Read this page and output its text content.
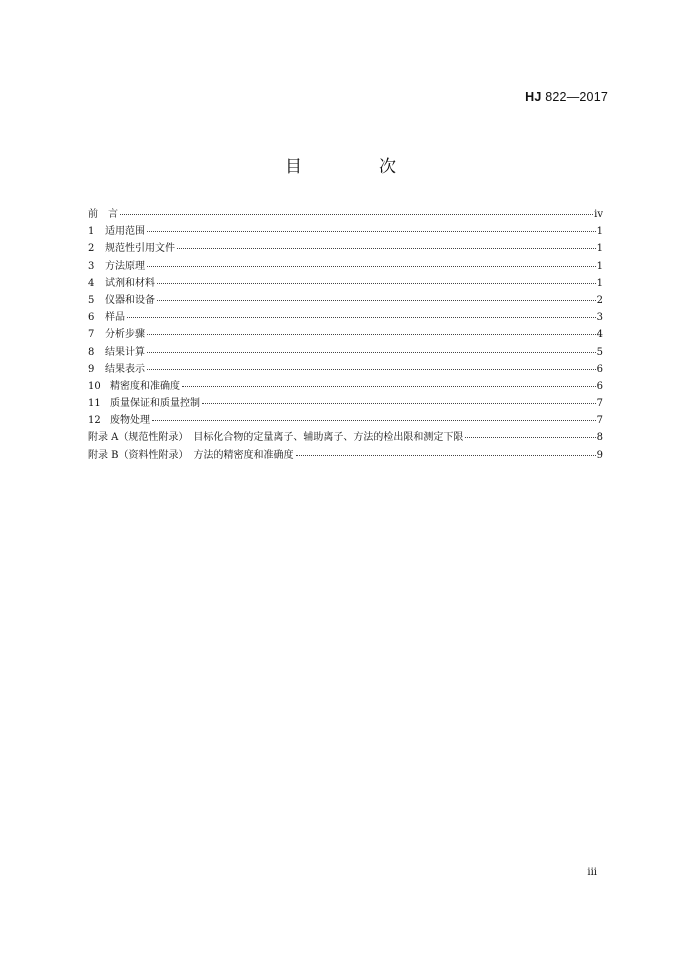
HJ 822—2017
目　次
前　言	iv
1	适用范围	1
2	规范性引用文件	1
3	方法原理	1
4	试剂和材料	1
5	仪器和设备	2
6	样品	3
7	分析步骤	4
8	结果计算	5
9	结果表示	6
10 精密度和准确度	6
11 质量保证和质量控制	7
12 废物处理	7
附录 A（规范性附录）　目标化合物的定量离子、辅助离子、方法的检出限和测定下限	8
附录 B（资料性附录）　方法的精密度和准确度	9
iii
